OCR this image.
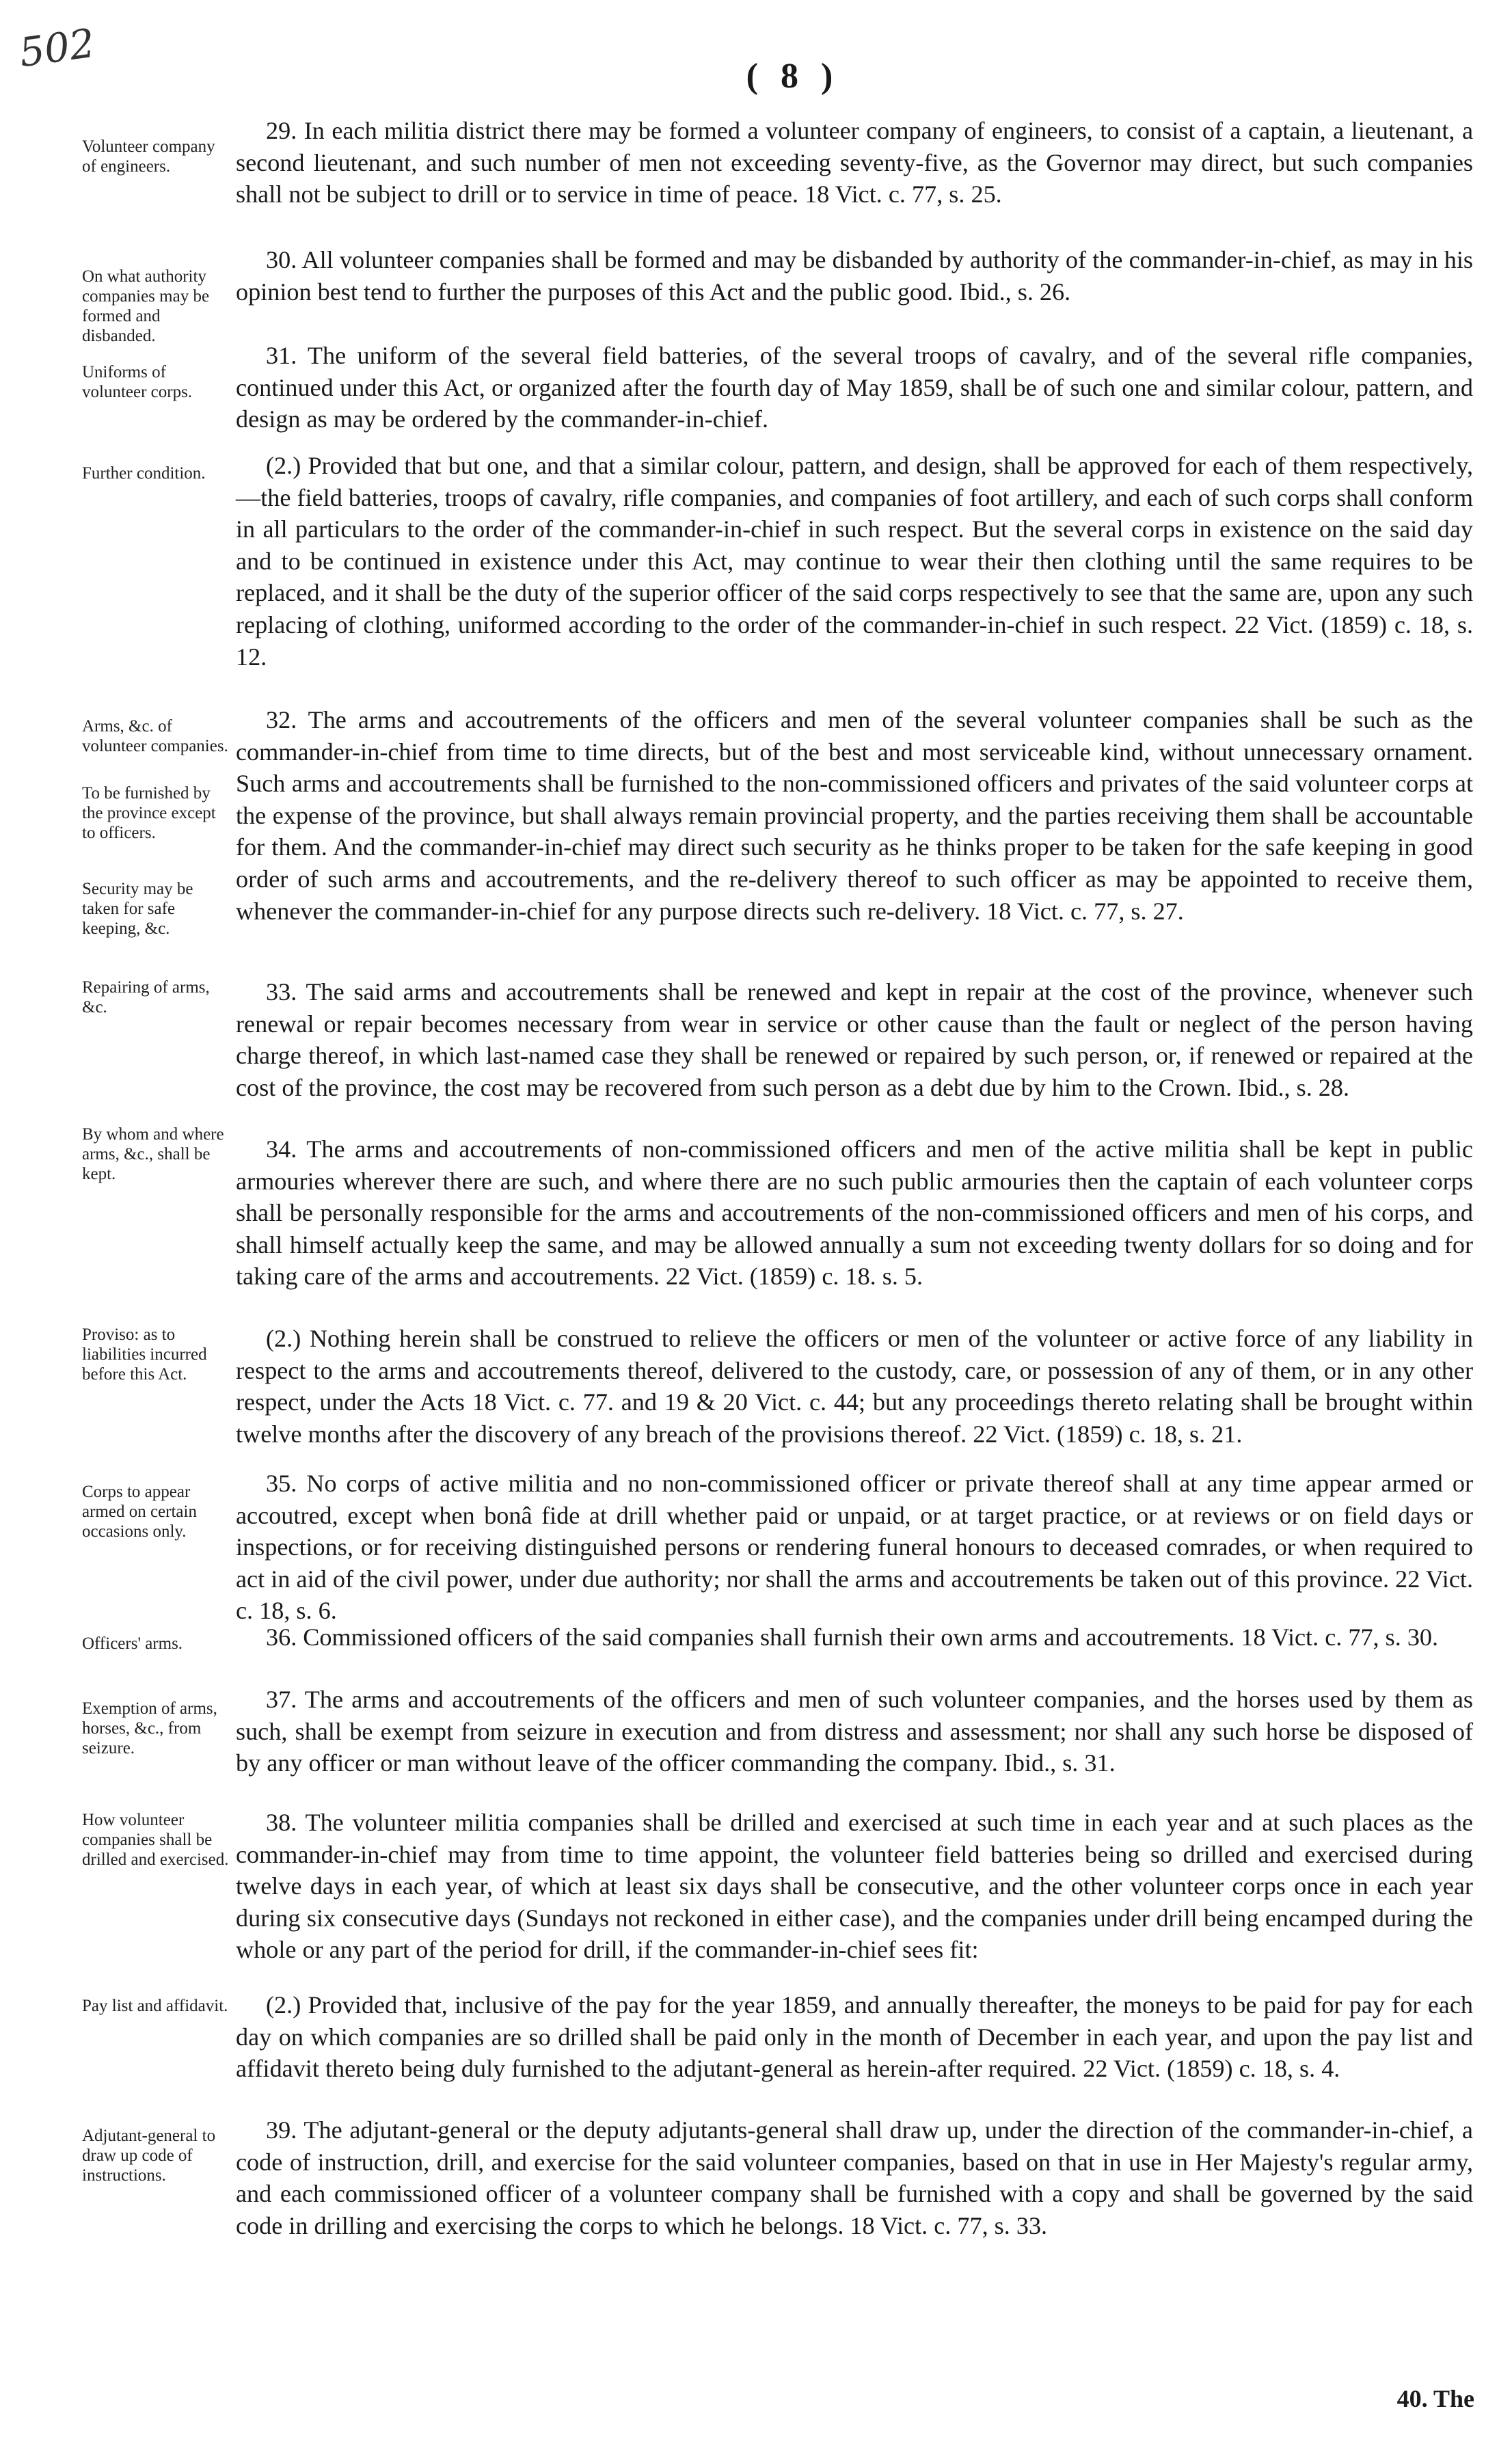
502
( 8 )
Volunteer company of engineers.
On what authority companies may be formed and disbanded.
Uniforms of volunteer corps.
Further condition.
Arms, &c. of volunteer companies.
To be furnished by the province except to officers.
Security may be taken for safe keeping, &c.
Repairing of arms, &c.
By whom and where arms, &c., shall be kept.
Proviso: as to liabilities incurred before this Act.
Corps to appear armed on certain occasions only.
Officers' arms.
Exemption of arms, horses, &c., from seizure.
How volunteer companies shall be drilled and exercised.
Pay list and affidavit.
Adjutant-general to draw up code of instructions.

29. In each militia district there may be formed a volunteer company of engineers, to consist of a captain, a lieutenant, a second lieutenant, and such number of men not exceeding seventy-five, as the Governor may direct, but such companies shall not be subject to drill or to service in time of peace. 18 Vict. c. 77, s. 25.

30. All volunteer companies shall be formed and may be disbanded by authority of the commander-in-chief, as may in his opinion best tend to further the purposes of this Act and the public good. Ibid., s. 26.

31. The uniform of the several field batteries, of the several troops of cavalry, and of the several rifle companies, continued under this Act, or organized after the fourth day of May 1859, shall be of such one and similar colour, pattern, and design as may be ordered by the commander-in-chief.

(2.) Provided that but one, and that a similar colour, pattern, and design, shall be approved for each of them respectively,—the field batteries, troops of cavalry, rifle companies, and companies of foot artillery, and each of such corps shall conform in all particulars to the order of the commander-in-chief in such respect. But the several corps in existence on the said day and to be continued in existence under this Act, may continue to wear their then clothing until the same requires to be replaced, and it shall be the duty of the superior officer of the said corps respectively to see that the same are, upon any such replacing of clothing, uniformed according to the order of the commander-in-chief in such respect. 22 Vict. (1859) c. 18, s. 12.

32. The arms and accoutrements of the officers and men of the several volunteer companies shall be such as the commander-in-chief from time to time directs, but of the best and most serviceable kind, without unnecessary ornament. Such arms and accoutrements shall be furnished to the non-commissioned officers and privates of the said volunteer corps at the expense of the province, but shall always remain provincial property, and the parties receiving them shall be accountable for them. And the commander-in-chief may direct such security as he thinks proper to be taken for the safe keeping in good order of such arms and accoutrements, and the re-delivery thereof to such officer as may be appointed to receive them, whenever the commander-in-chief for any purpose directs such re-delivery. 18 Vict. c. 77, s. 27.

33. The said arms and accoutrements shall be renewed and kept in repair at the cost of the province, whenever such renewal or repair becomes necessary from wear in service or other cause than the fault or neglect of the person having charge thereof, in which last-named case they shall be renewed or repaired by such person, or, if renewed or repaired at the cost of the province, the cost may be recovered from such person as a debt due by him to the Crown. Ibid., s. 28.

34. The arms and accoutrements of non-commissioned officers and men of the active militia shall be kept in public armouries wherever there are such, and where there are no such public armouries then the captain of each volunteer corps shall be personally responsible for the arms and accoutrements of the non-commissioned officers and men of his corps, and shall himself actually keep the same, and may be allowed annually a sum not exceeding twenty dollars for so doing and for taking care of the arms and accoutrements. 22 Vict. (1859) c. 18. s. 5.

(2.) Nothing herein shall be construed to relieve the officers or men of the volunteer or active force of any liability in respect to the arms and accoutrements thereof, delivered to the custody, care, or possession of any of them, or in any other respect, under the Acts 18 Vict. c. 77. and 19 & 20 Vict. c. 44; but any proceedings thereto relating shall be brought within twelve months after the discovery of any breach of the provisions thereof. 22 Vict. (1859) c. 18, s. 21.

35. No corps of active militia and no non-commissioned officer or private thereof shall at any time appear armed or accoutred, except when bonâ fide at drill whether paid or unpaid, or at target practice, or at reviews or on field days or inspections, or for receiving distinguished persons or rendering funeral honours to deceased comrades, or when required to act in aid of the civil power, under due authority; nor shall the arms and accoutrements be taken out of this province. 22 Vict. c. 18, s. 6.

36. Commissioned officers of the said companies shall furnish their own arms and accoutrements. 18 Vict. c. 77, s. 30.

37. The arms and accoutrements of the officers and men of such volunteer companies, and the horses used by them as such, shall be exempt from seizure in execution and from distress and assessment; nor shall any such horse be disposed of by any officer or man without leave of the officer commanding the company. Ibid., s. 31.

38. The volunteer militia companies shall be drilled and exercised at such time in each year and at such places as the commander-in-chief may from time to time appoint, the volunteer field batteries being so drilled and exercised during twelve days in each year, of which at least six days shall be consecutive, and the other volunteer corps once in each year during six consecutive days (Sundays not reckoned in either case), and the companies under drill being encamped during the whole or any part of the period for drill, if the commander-in-chief sees fit:

(2.) Provided that, inclusive of the pay for the year 1859, and annually thereafter, the moneys to be paid for pay for each day on which companies are so drilled shall be paid only in the month of December in each year, and upon the pay list and affidavit thereto being duly furnished to the adjutant-general as herein-after required. 22 Vict. (1859) c. 18, s. 4.

39. The adjutant-general or the deputy adjutants-general shall draw up, under the direction of the commander-in-chief, a code of instruction, drill, and exercise for the said volunteer companies, based on that in use in Her Majesty's regular army, and each commissioned officer of a volunteer company shall be furnished with a copy and shall be governed by the said code in drilling and exercising the corps to which he belongs. 18 Vict. c. 77, s. 33.

40. The
